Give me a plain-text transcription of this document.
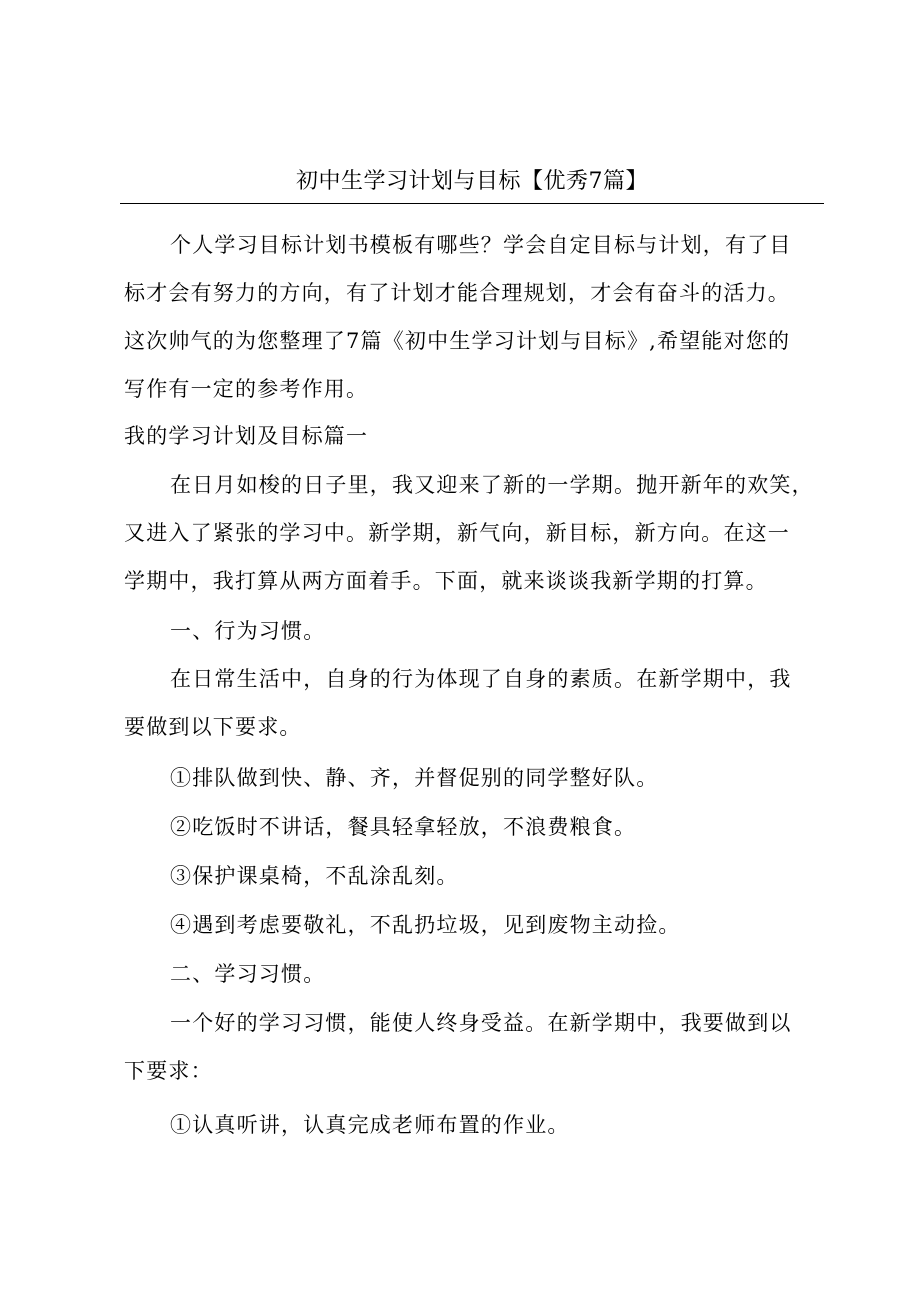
初中生学习计划与目标【优秀7篇】
个人学习目标计划书模板有哪些？学会自定目标与计划，有了目
标才会有努力的方向，有了计划才能合理规划，才会有奋斗的活力。
这次帅气的为您整理了7篇《初中生学习计划与目标》,希望能对您的
写作有一定的参考作用。
我的学习计划及目标篇一
在日月如梭的日子里，我又迎来了新的一学期。抛开新年的欢笑，
又进入了紧张的学习中。新学期，新气向，新目标，新方向。在这一
学期中，我打算从两方面着手。下面，就来谈谈我新学期的打算。
一、行为习惯。
在日常生活中，自身的行为体现了自身的素质。在新学期中，我
要做到以下要求。
①排队做到快、静、齐，并督促别的同学整好队。
②吃饭时不讲话，餐具轻拿轻放，不浪费粮食。
③保护课桌椅，不乱涂乱刻。
④遇到考虑要敬礼，不乱扔垃圾，见到废物主动捡。
二、学习习惯。
一个好的学习习惯，能使人终身受益。在新学期中，我要做到以
下要求：
①认真听讲，认真完成老师布置的作业。
